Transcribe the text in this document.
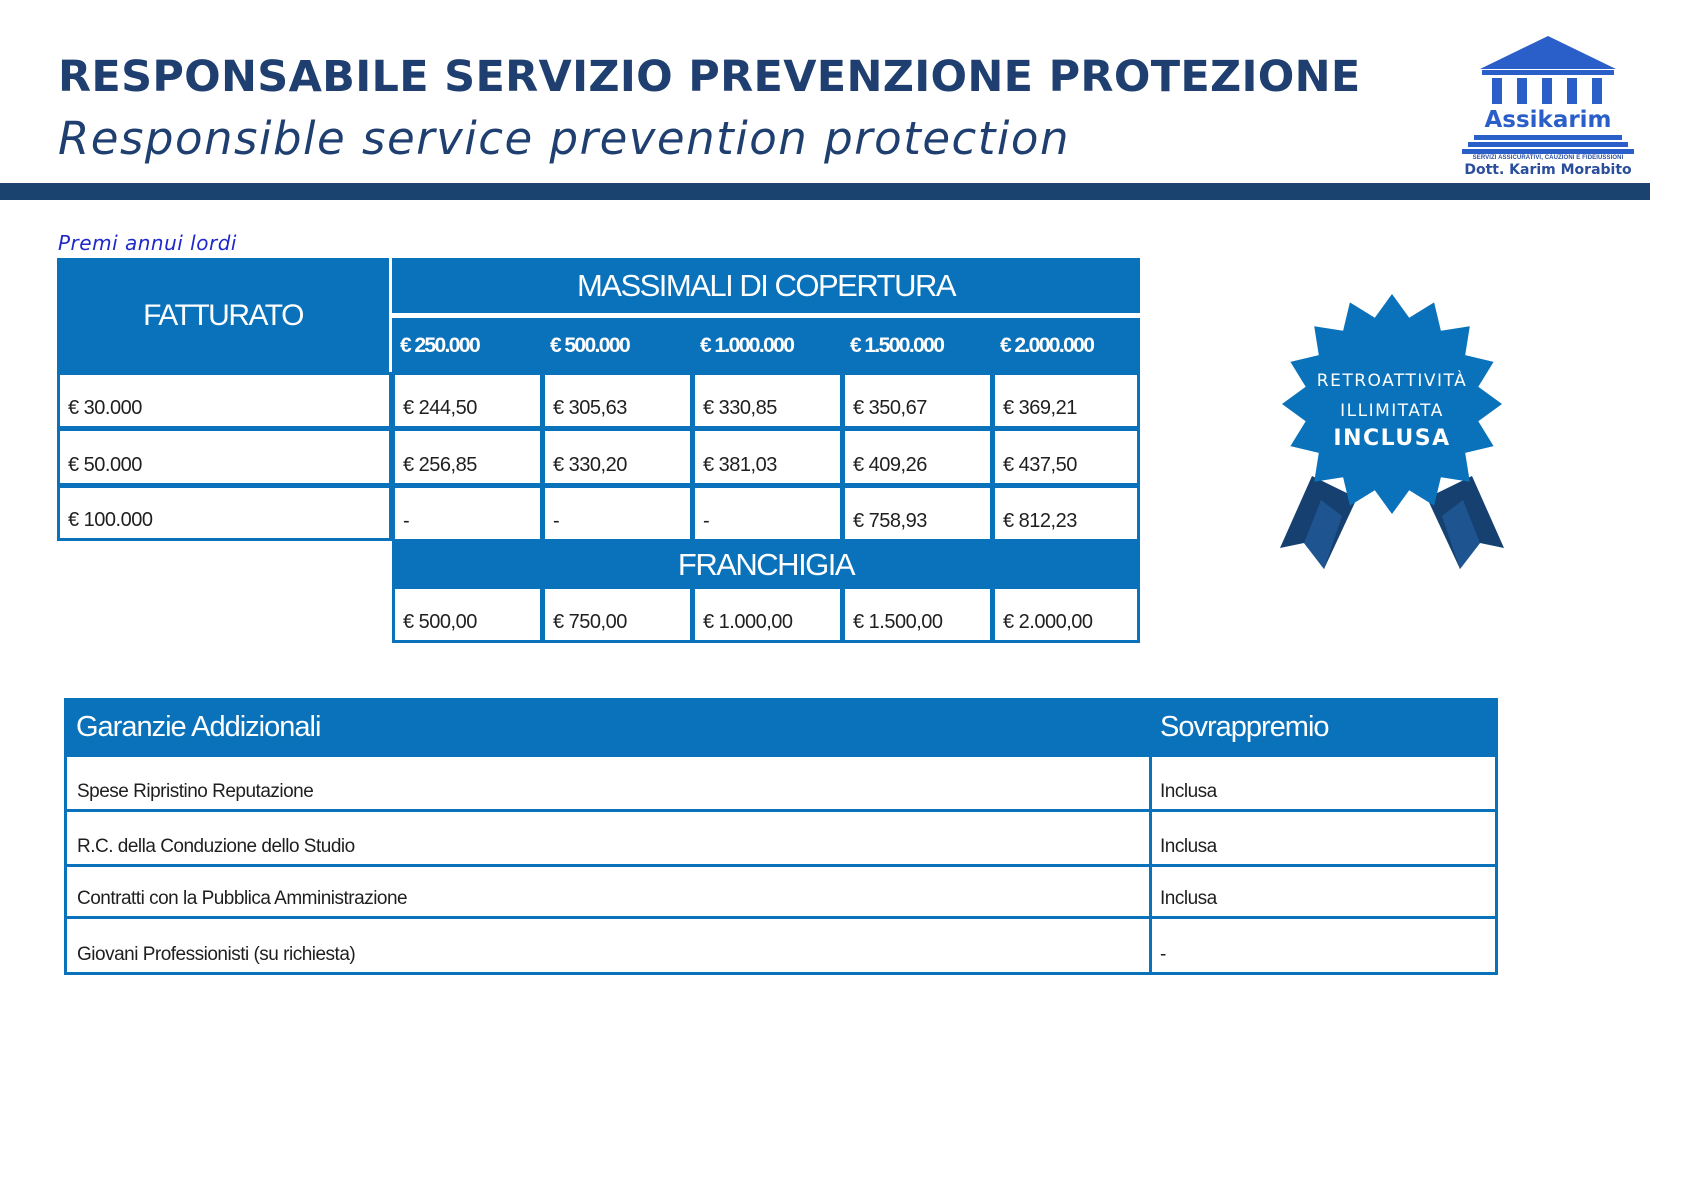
RESPONSABILE SERVIZIO PREVENZIONE PROTEZIONE
Responsible service prevention protection	Assikarim
SERVIZI ASSICURATIVI, CAUZIONI E FIDEIUSSIONI
Dott. Karim Morabito
Premi annui lordi
FATTURATO
MASSIMALI DI COPERTURA
€ 250.000	€ 500.000	€ 1.000.000	€ 1.500.000	€ 2.000.000
€ 30.000	€ 244,50	€ 305,63	€ 330,85	€ 350,67	€ 369,21
€ 50.000	€ 256,85	€ 330,20	€ 381,03	€ 409,26	€ 437,50
€ 100.000	-	-	-	€ 758,93	€ 812,23
FRANCHIGIA
€ 500,00	€ 750,00	€ 1.000,00	€ 1.500,00	€ 2.000,00
RETROATTIVITÀ
ILLIMITATA
INCLUSA
Garanzie Addizionali	Sovrappremio
Spese Ripristino Reputazione	Inclusa
R.C. della Conduzione dello Studio	Inclusa
Contratti con la Pubblica Amministrazione	Inclusa
Giovani Professionisti (su richiesta)	-
